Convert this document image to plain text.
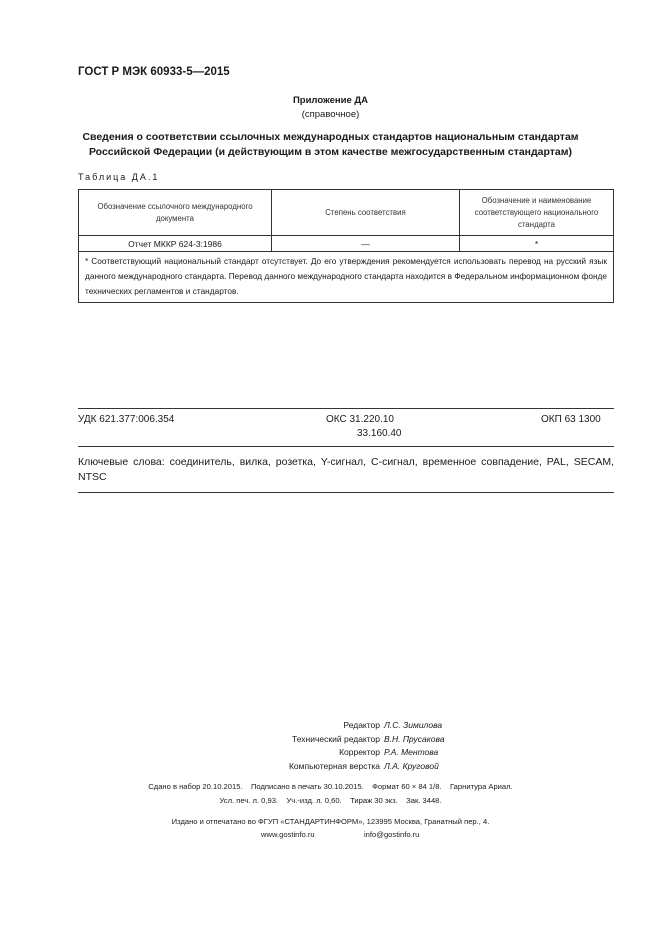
ГОСТ Р МЭК 60933-5—2015
Приложение ДА
(справочное)
Сведения о соответствии ссылочных международных стандартов национальным стандартам
Российской Федерации (и действующим в этом качестве межгосударственным стандартам)
Таблица ДА.1
Обозначение ссылочного международного документа	Степень соответствия	Обозначение и наименование соответствующего национального стандарта
Отчет МККР 624-3:1986	—	*
* Соответствующий национальный стандарт отсутствует. До его утверждения рекомендуется использовать перевод на русский язык данного международного стандарта. Перевод данного международного стандарта находится в Федеральном информационном фонде технических регламентов и стандартов.		
УДК 621.377:006.354	ОКС 31.220.10
33.160.40
ОКП 63 1300
Ключевые слова: соединитель, вилка, розетка, Y-сигнал, С-сигнал, временное совпадение, PAL, SECAM, NTSC
Редактор Л.С. Зимилова
Технический редактор В.Н. Прусакова
Корректор Р.А. Ментова
Компьютерная верстка Л.А. Круговой
Сдано в набор 20.10.2015.    Подписано в печать 30.10.2015.    Формат 60 × 84 1/8.    Гарнитура Ариал.
Усл. печ. л. 0,93.    Уч.-изд. л. 0,60.    Тираж 30 экз.    Зак. 3448.
Издано и отпечатано во ФГУП «СТАНДАРТИНФОРМ», 123995 Москва, Гранатный пер., 4.
www.gostinfo.ru	info@gostinfo.ru
